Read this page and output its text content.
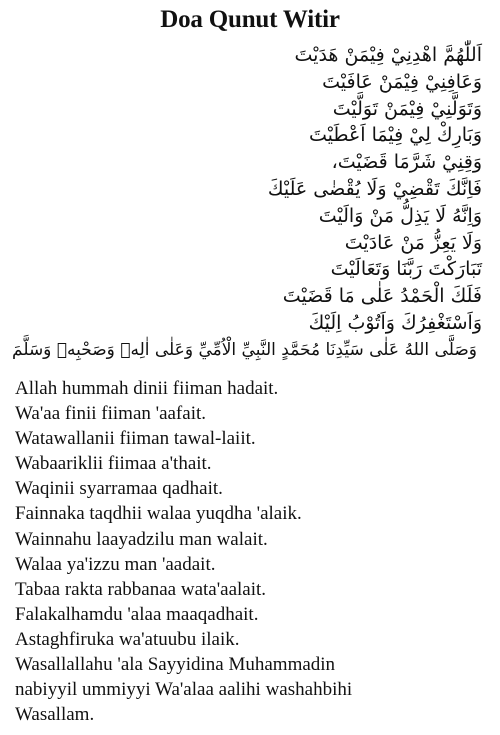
Doa Qunut Witir
اَللّٰهُمَّ اهْدِنِيْ فِيْمَنْ هَدَيْتَ
وَعَافِنِيْ فِيْمَنْ عَافَيْتَ
وَتَوَلَّنِيْ فِيْمَنْ تَوَلَّيْتَ
وَبَارِكْ لِيْ فِيْمَا اَعْطَيْتَ
وَقِنِيْ شَرَّمَا قَضَيْتَ،
فَاِنَّكَ تَقْضِيْ وَلَا يُقْضٰى عَلَيْكَ
وَاِنَّهُ لَا يَذِلُّ مَنْ وَالَيْتَ
وَلَا يَعِزُّ مَنْ عَادَيْتَ
تَبَارَكْتَ رَبَّنَا وَتَعَالَيْتَ
فَلَكَ الْحَمْدُ عَلٰى مَا قَضَيْتَ
وَاَسْتَغْفِرُكَ وَاَتُوْبُ اِلَيْكَ
وَصَلَّى اللهُ عَلٰى سَيِّدِنَا مُحَمَّدٍ النَّبِيِّ الْاُمِّيِّ وَعَلٰى اٰلِهٖ وَصَحْبِهٖ وَسَلَّمَ
Allah hummah dinii fiiman hadait.
Wa'aa finii fiiman 'aafait.
Watawallanii fiiman tawal-laiit.
Wabaariklii fiimaa a'thait.
Waqinii syarramaa qadhait.
Fainnaka taqdhii walaa yuqdha 'alaik.
Wainnahu laayadzilu man walait.
Walaa ya'izzu man 'aadait.
Tabaa rakta rabbanaa wata'aalait.
Falakalhamdu 'alaa maaqadhait.
Astaghfiruka wa'atuubu ilaik.
Wasallallahu 'ala Sayyidina Muhammadin
nabiyyil ummiyyi Wa'alaa aalihi washahbihi
Wasallam.
